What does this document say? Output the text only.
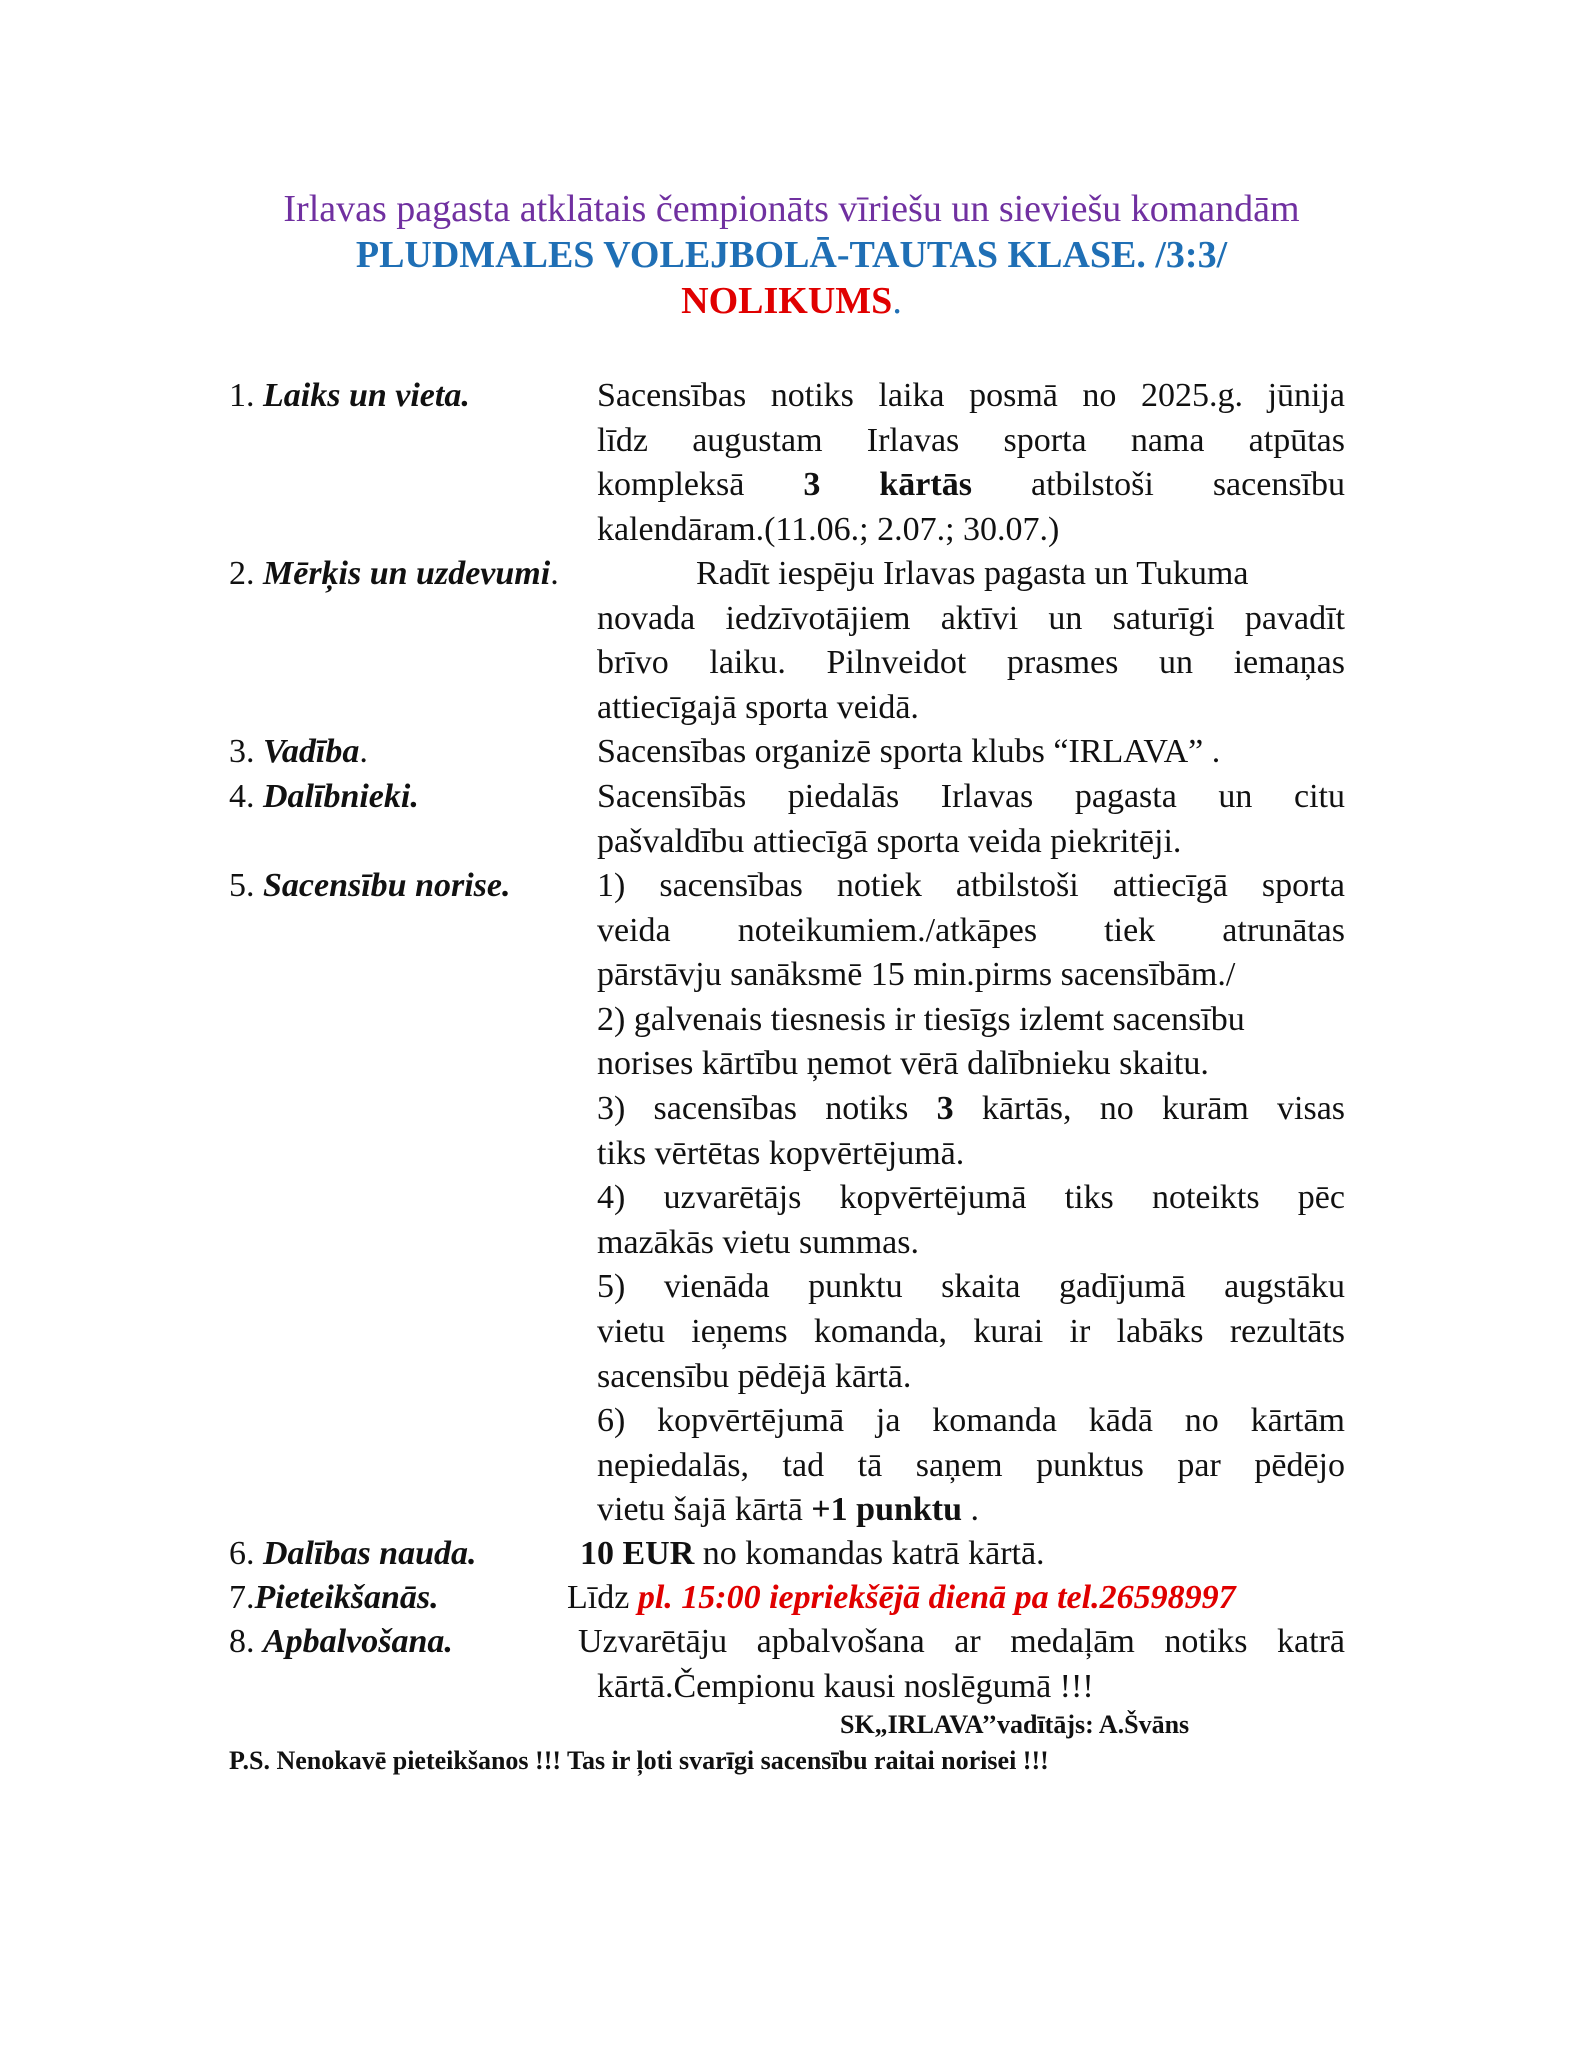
Irlavas pagasta atklātais čempionāts vīriešu un sieviešu komandām
PLUDMALES VOLEJBOLĀ-TAUTAS KLASE. /3:3/
NOLIKUMS.
1. Laiks un vieta.	Sacensības notiks laika posmā no 2025.g. jūnija
līdz augustam Irlavas sporta nama atpūtas
kompleksā 3 kārtās atbilstoši sacensību
kalendāram.(11.06.; 2.07.; 30.07.)
2. Mērķis un uzdevumi.	Radīt iespēju Irlavas pagasta un Tukuma
novada iedzīvotājiem aktīvi un saturīgi pavadīt
brīvo laiku. Pilnveidot prasmes un iemaņas
attiecīgajā sporta veidā.
3. Vadība.	Sacensības organizē sporta klubs “IRLAVA” .
4. Dalībnieki.	Sacensībās piedalās Irlavas pagasta un citu
pašvaldību attiecīgā sporta veida piekritēji.
5. Sacensību norise.	1) sacensības notiek atbilstoši attiecīgā sporta
veida noteikumiem./atkāpes tiek atrunātas
pārstāvju sanāksmē 15 min.pirms sacensībām./
2) galvenais tiesnesis ir tiesīgs izlemt sacensību
norises kārtību ņemot vērā dalībnieku skaitu.
3) sacensības notiks 3 kārtās, no kurām visas
tiks vērtētas kopvērtējumā.
4) uzvarētājs kopvērtējumā tiks noteikts pēc
mazākās vietu summas.
5) vienāda punktu skaita gadījumā augstāku
vietu ieņems komanda, kurai ir labāks rezultāts
sacensību pēdējā kārtā.
6) kopvērtējumā ja komanda kādā no kārtām
nepiedalās, tad tā saņem punktus par pēdējo
vietu šajā kārtā +1 punktu .
6. Dalības nauda.	10 EUR no komandas katrā kārtā.
7.Pieteikšanās.	Līdz pl. 15:00 iepriekšējā dienā pa tel.26598997
8. Apbalvošana.	Uzvarētāju apbalvošana ar medaļām notiks katrā
kārtā.Čempionu kausi noslēgumā !!!
SK„IRLAVA’’vadītājs: A.Švāns
P.S. Nenokavē pieteikšanos !!! Tas ir ļoti svarīgi sacensību raitai norisei !!!
